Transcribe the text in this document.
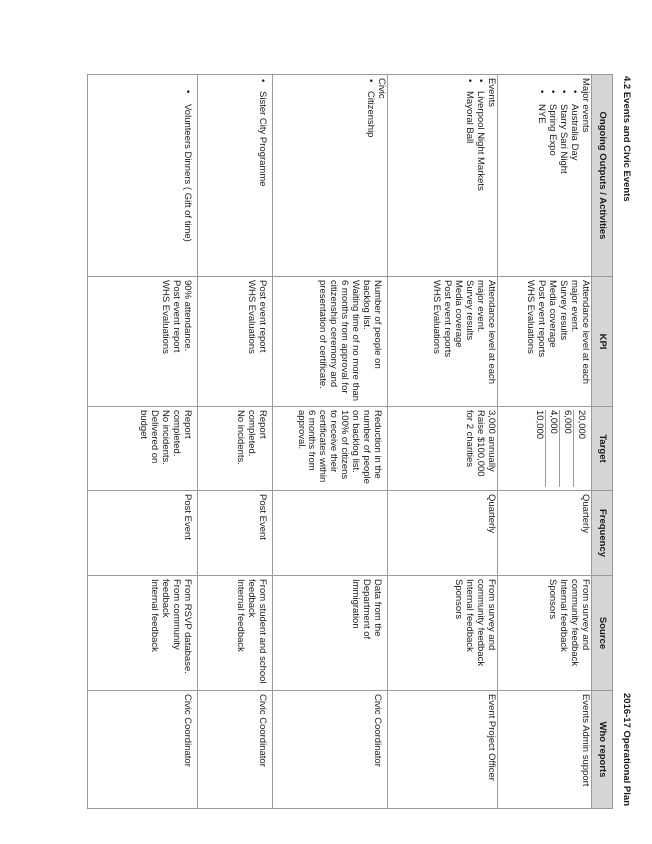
4.2 Events and Civic Events
2016-17 Operational Plan
Ongoing Outputs / Activities	KPI	Target	Frequency	Source	Who reports

Major events
• Australia Day
• Starry Sari Night
• Spring Expo
• NYE	Attendance level at each major event.
Survey results
Media coverage
Post event reports
WHS Evaluations	20,000
6,000
4,000
10,000	Quarterly	From survey and community feedback
Internal feedback
Sponsors	Events Admin support

Events
• Liverpool Night Markets
• Mayoral Ball	Attendance level at each major event.
Survey results
Media coverage
Post event reports
WHS Evaluations	3,000 annually
Raise $100,000 for 2 charities	Quarterly	From survey and community feedback
Internal feedback
Sponsors	Event Project Officer

Civic
• Citizenship	Number of people on backlog list.
Waiting time of no more than 6 months from approval for citizenship ceremony and presentation of certificate.	Reduction in the number of people on backlog list.
100% of citizens to receive their certificates within 6 months from approval.		Data from the Department of Immigration	Civic Coordinator

• Sister City Programme	Post event report
WHS Evaluations	Report completed.
No incidents.	Post Event	From student and school feedback
Internal feedback	Civic Coordinator

• Volunteers Dinners ( Gift of time)	90% attendance.
Post event report
WHS Evaluations	Report completed.
No incidents.
Delivered on budget	Post Event	From RSVP database.
From community feedback
Internal feedback	Civic Coordinator
